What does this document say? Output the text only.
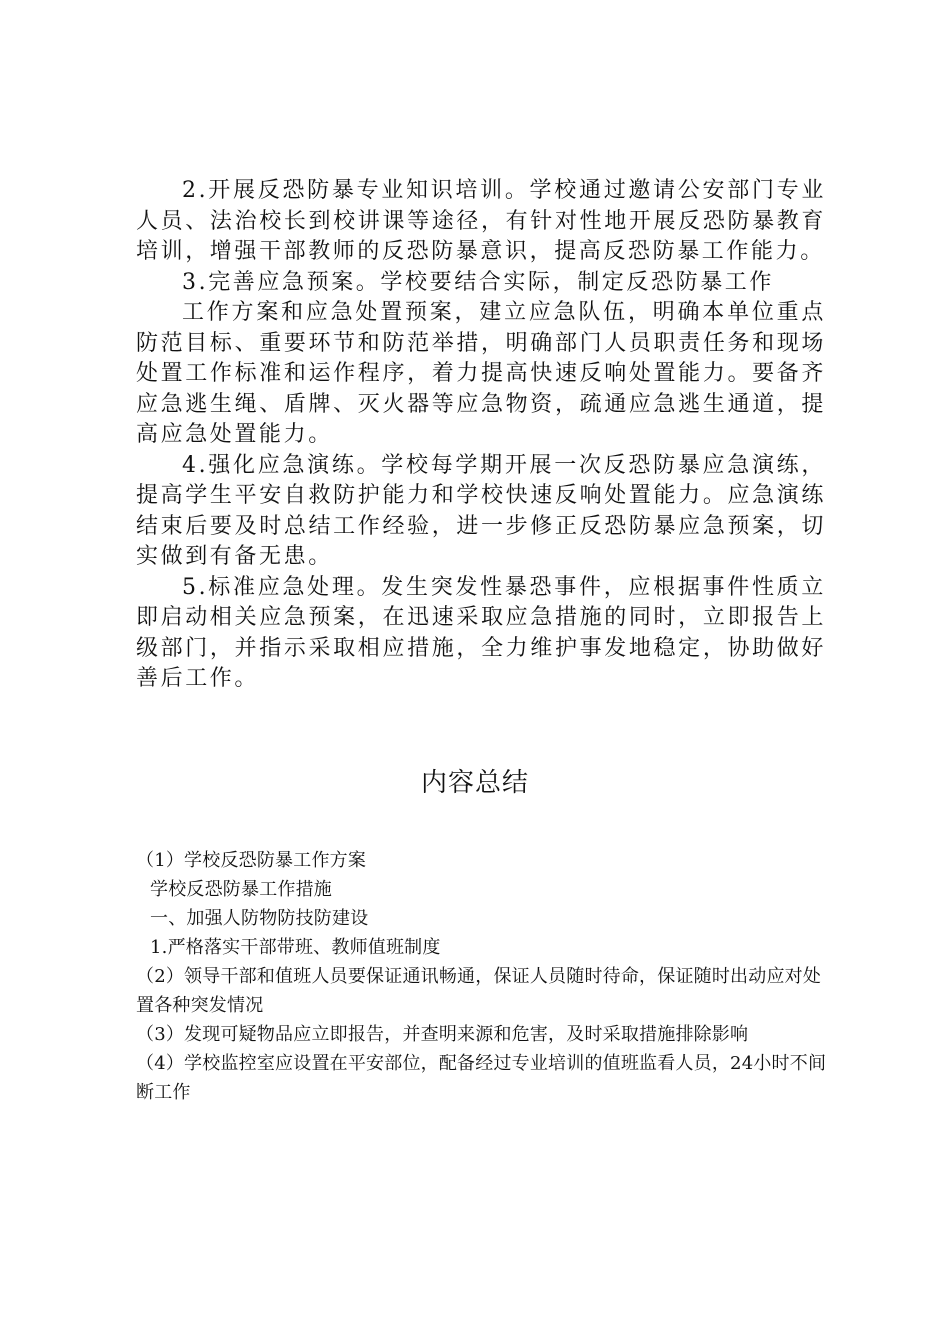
2.开展反恐防暴专业知识培训。学校通过邀请公安部门专业人员、法治校长到校讲课等途径，有针对性地开展反恐防暴教育培训，增强干部教师的反恐防暴意识，提高反恐防暴工作能力。

3.完善应急预案。学校要结合实际，制定反恐防暴工作

工作方案和应急处置预案，建立应急队伍，明确本单位重点防范目标、重要环节和防范举措，明确部门人员职责任务和现场处置工作标准和运作程序，着力提高快速反响处置能力。要备齐应急逃生绳、盾牌、灭火器等应急物资，疏通应急逃生通道，提高应急处置能力。

4.强化应急演练。学校每学期开展一次反恐防暴应急演练，提高学生平安自救防护能力和学校快速反响处置能力。应急演练结束后要及时总结工作经验，进一步修正反恐防暴应急预案，切实做到有备无患。

5.标准应急处理。发生突发性暴恐事件，应根据事件性质立即启动相关应急预案，在迅速采取应急措施的同时，立即报告上级部门，并指示采取相应措施，全力维护事发地稳定，协助做好善后工作。

内容总结

（1）学校反恐防暴工作方案

学校反恐防暴工作措施

一、加强人防物防技防建设

1.严格落实干部带班、教师值班制度

（2）领导干部和值班人员要保证通讯畅通，保证人员随时待命，保证随时出动应对处置各种突发情况

（3）发现可疑物品应立即报告，并查明来源和危害，及时采取措施排除影响

（4）学校监控室应设置在平安部位，配备经过专业培训的值班监看人员，24小时不间断工作
